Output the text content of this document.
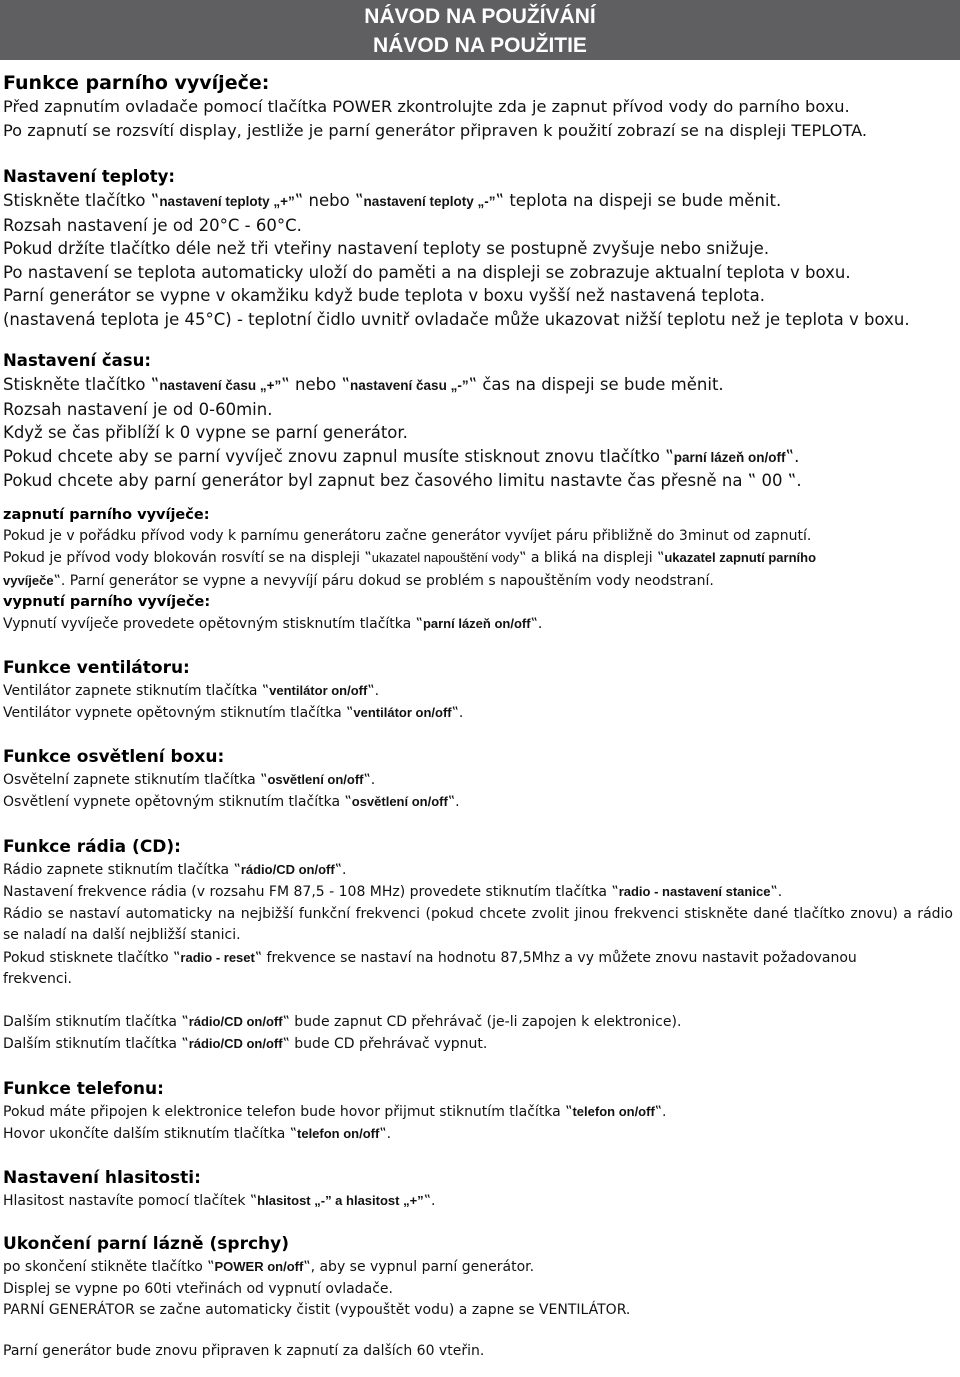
NÁVOD NA POUŽÍVÁNÍ
NÁVOD NA POUŽITIE
Funkce parního vyvíječe:

Před zapnutím ovladače pomocí tlačítka POWER zkontrolujte zda je zapnut přívod vody do parního boxu.

Po zapnutí se rozsvítí display, jestliže je parní generátor připraven k použití zobrazí se na displeji TEPLOTA.

Nastavení teploty:

Stiskněte tlačítko ‟nastavení teploty „+”‟ nebo ‟nastavení teploty „-”‟ teplota na dispeji se bude měnit.

Rozsah nastavení je od 20°C - 60°C.

Pokud držíte tlačítko déle než tři vteřiny nastavení teploty se postupně zvyšuje nebo snižuje.

Po nastavení se teplota automaticky uloží do paměti a na displeji se zobrazuje aktualní teplota v boxu.

Parní generátor se vypne v okamžiku když bude teplota v boxu vyšší než nastavená teplota.

(nastavená teplota je 45°C) - teplotní čidlo uvnitř ovladače může ukazovat nižší teplotu než je teplota v boxu.

Nastavení času:

Stiskněte tlačítko ‟nastavení času „+”‟ nebo ‟nastavení času „-”‟ čas na dispeji se bude měnit.

Rozsah nastavení je od 0-60min.

Když se čas přiblíží k 0 vypne se parní generátor.

Pokud chcete aby se parní vyvíječ znovu zapnul musíte stisknout znovu tlačítko ‟parní lázeň on/off‟.

Pokud chcete aby parní generátor byl zapnut bez časového limitu nastavte čas přesně na ‟ 00 ‟.

zapnutí parního vyvíječe:

Pokud je v pořádku přívod vody k parnímu generátoru začne generátor vyvíjet páru přibližně do 3minut od zapnutí.

Pokud je přívod vody blokován rosvítí se na displeji ‟ukazatel napouštění vody‟ a bliká na displeji ‟ukazatel zapnutí parního

vyvíječe‟. Parní generátor se vypne a nevyvíjí páru dokud se problém s napouštěním vody neodstraní.

vypnutí parního vyvíječe:

Vypnutí vyvíječe provedete opětovným stisknutím tlačítka ‟parní lázeň on/off‟.

Funkce ventilátoru:

Ventilátor zapnete stiknutím tlačítka ‟ventilátor on/off‟.

Ventilátor vypnete opětovným stiknutím tlačítka ‟ventilátor on/off‟.

Funkce osvětlení boxu:

Osvětelní zapnete stiknutím tlačítka ‟osvětlení on/off‟.

Osvětlení vypnete opětovným stiknutím tlačítka ‟osvětlení on/off‟.

Funkce rádia (CD):

Rádio zapnete stiknutím tlačítka ‟rádio/CD on/off‟.

Nastavení frekvence rádia (v rozsahu FM 87,5 - 108 MHz) provedete stiknutím tlačítka ‟radio - nastavení stanice‟.

Rádio se nastaví automaticky na nejbižší funkční frekvenci (pokud chcete zvolit jinou frekvenci stiskněte dané tlačítko znovu) a rádio se naladí na další nejbližší stanici.

Pokud stisknete tlačítko ‟radio - reset‟ frekvence se nastaví na hodnotu 87,5Mhz a vy můžete znovu nastavit požadovanou

frekvenci.

Dalším stiknutím tlačítka ‟rádio/CD on/off‟ bude zapnut CD přehrávač (je-li zapojen k elektronice).

Dalším stiknutím tlačítka ‟rádio/CD on/off‟ bude CD přehrávač vypnut.

Funkce telefonu:

Pokud máte připojen k elektronice telefon bude hovor přijmut stiknutím tlačítka ‟telefon on/off‟.

Hovor ukončíte dalším stiknutím tlačítka ‟telefon on/off‟.

Nastavení hlasitosti:

Hlasitost nastavíte pomocí tlačítek ‟hlasitost „-” a hlasitost „+”‟.

Ukončení parní lázně (sprchy)

po skončení stikněte tlačítko ‟POWER on/off‟, aby se vypnul parní generátor.

Displej se vypne po 60ti vteřinách od vypnutí ovladače.

PARNÍ GENERÁTOR se začne automaticky čistit (vypouštět vodu) a zapne se VENTILÁTOR.

Parní generátor bude znovu připraven k zapnutí za dalších 60 vteřin.
